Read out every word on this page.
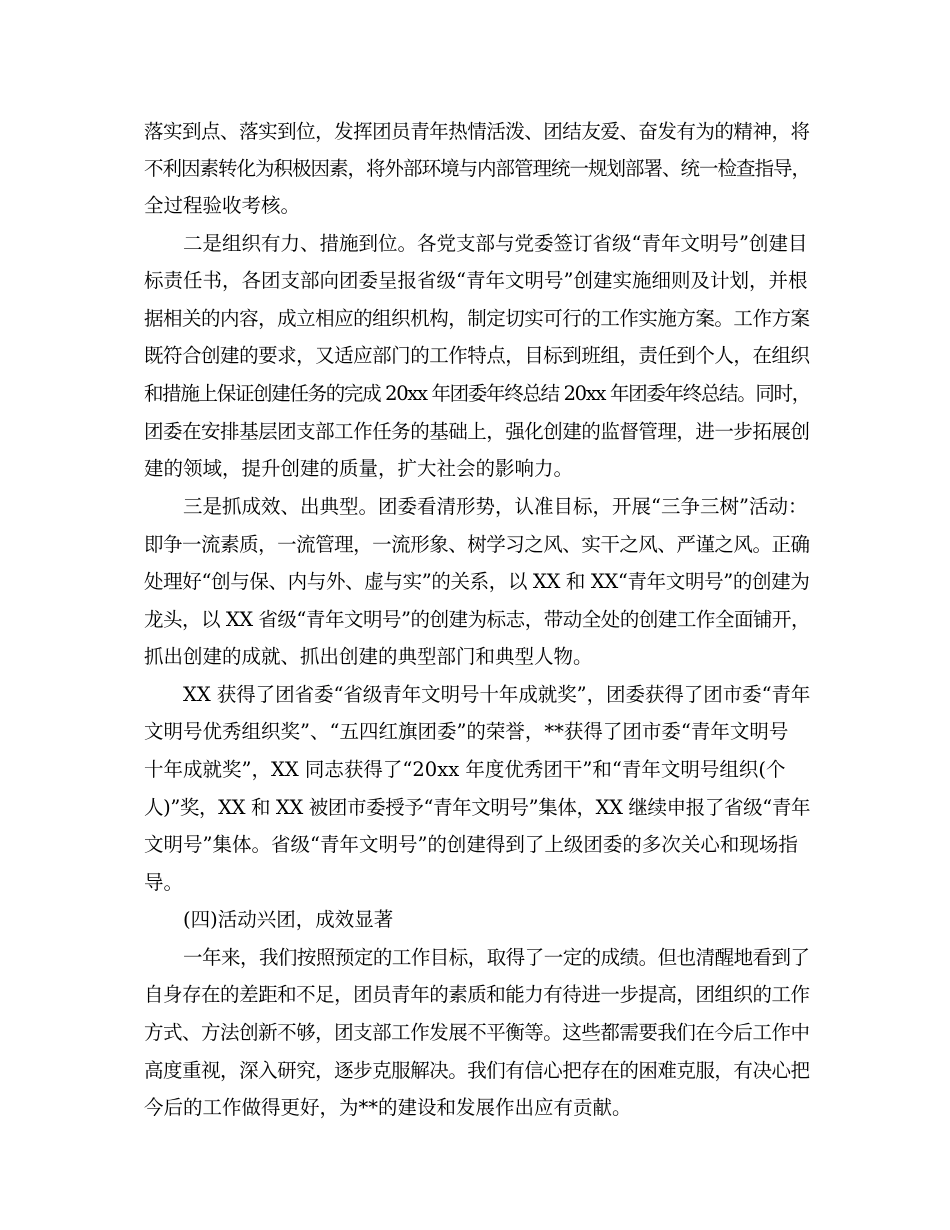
落实到点、落实到位，发挥团员青年热情活泼、团结友爱、奋发有为的精神，将

不利因素转化为积极因素，将外部环境与内部管理统一规划部署、统一检查指导，

全过程验收考核。

二是组织有力、措施到位。各党支部与党委签订省级“青年文明号”创建目

标责任书，各团支部向团委呈报省级“青年文明号”创建实施细则及计划，并根

据相关的内容，成立相应的组织机构，制定切实可行的工作实施方案。工作方案

既符合创建的要求，又适应部门的工作特点，目标到班组，责任到个人，在组织

和措施上保证创建任务的完成 20xx 年团委年终总结 20xx 年团委年终总结。同时，

团委在安排基层团支部工作任务的基础上，强化创建的监督管理，进一步拓展创

建的领域，提升创建的质量，扩大社会的影响力。

三是抓成效、出典型。团委看清形势，认准目标，开展“三争三树”活动：

即争一流素质，一流管理，一流形象、树学习之风、实干之风、严谨之风。正确

处理好“创与保、内与外、虚与实”的关系，以 XX 和 XX“青年文明号”的创建为

龙头，以 XX 省级“青年文明号”的创建为标志，带动全处的创建工作全面铺开，

抓出创建的成就、抓出创建的典型部门和典型人物。

XX 获得了团省委“省级青年文明号十年成就奖”，团委获得了团市委“青年

文明号优秀组织奖”、“五四红旗团委”的荣誉，**获得了团市委“青年文明号

十年成就奖”，XX 同志获得了“20xx 年度优秀团干”和“青年文明号组织(个

人)”奖，XX 和 XX 被团市委授予“青年文明号”集体，XX 继续申报了省级“青年

文明号”集体。省级“青年文明号”的创建得到了上级团委的多次关心和现场指

导。

(四)活动兴团，成效显著

一年来，我们按照预定的工作目标，取得了一定的成绩。但也清醒地看到了

自身存在的差距和不足，团员青年的素质和能力有待进一步提高，团组织的工作

方式、方法创新不够，团支部工作发展不平衡等。这些都需要我们在今后工作中

高度重视，深入研究，逐步克服解决。我们有信心把存在的困难克服，有决心把

今后的工作做得更好，为**的建设和发展作出应有贡献。
